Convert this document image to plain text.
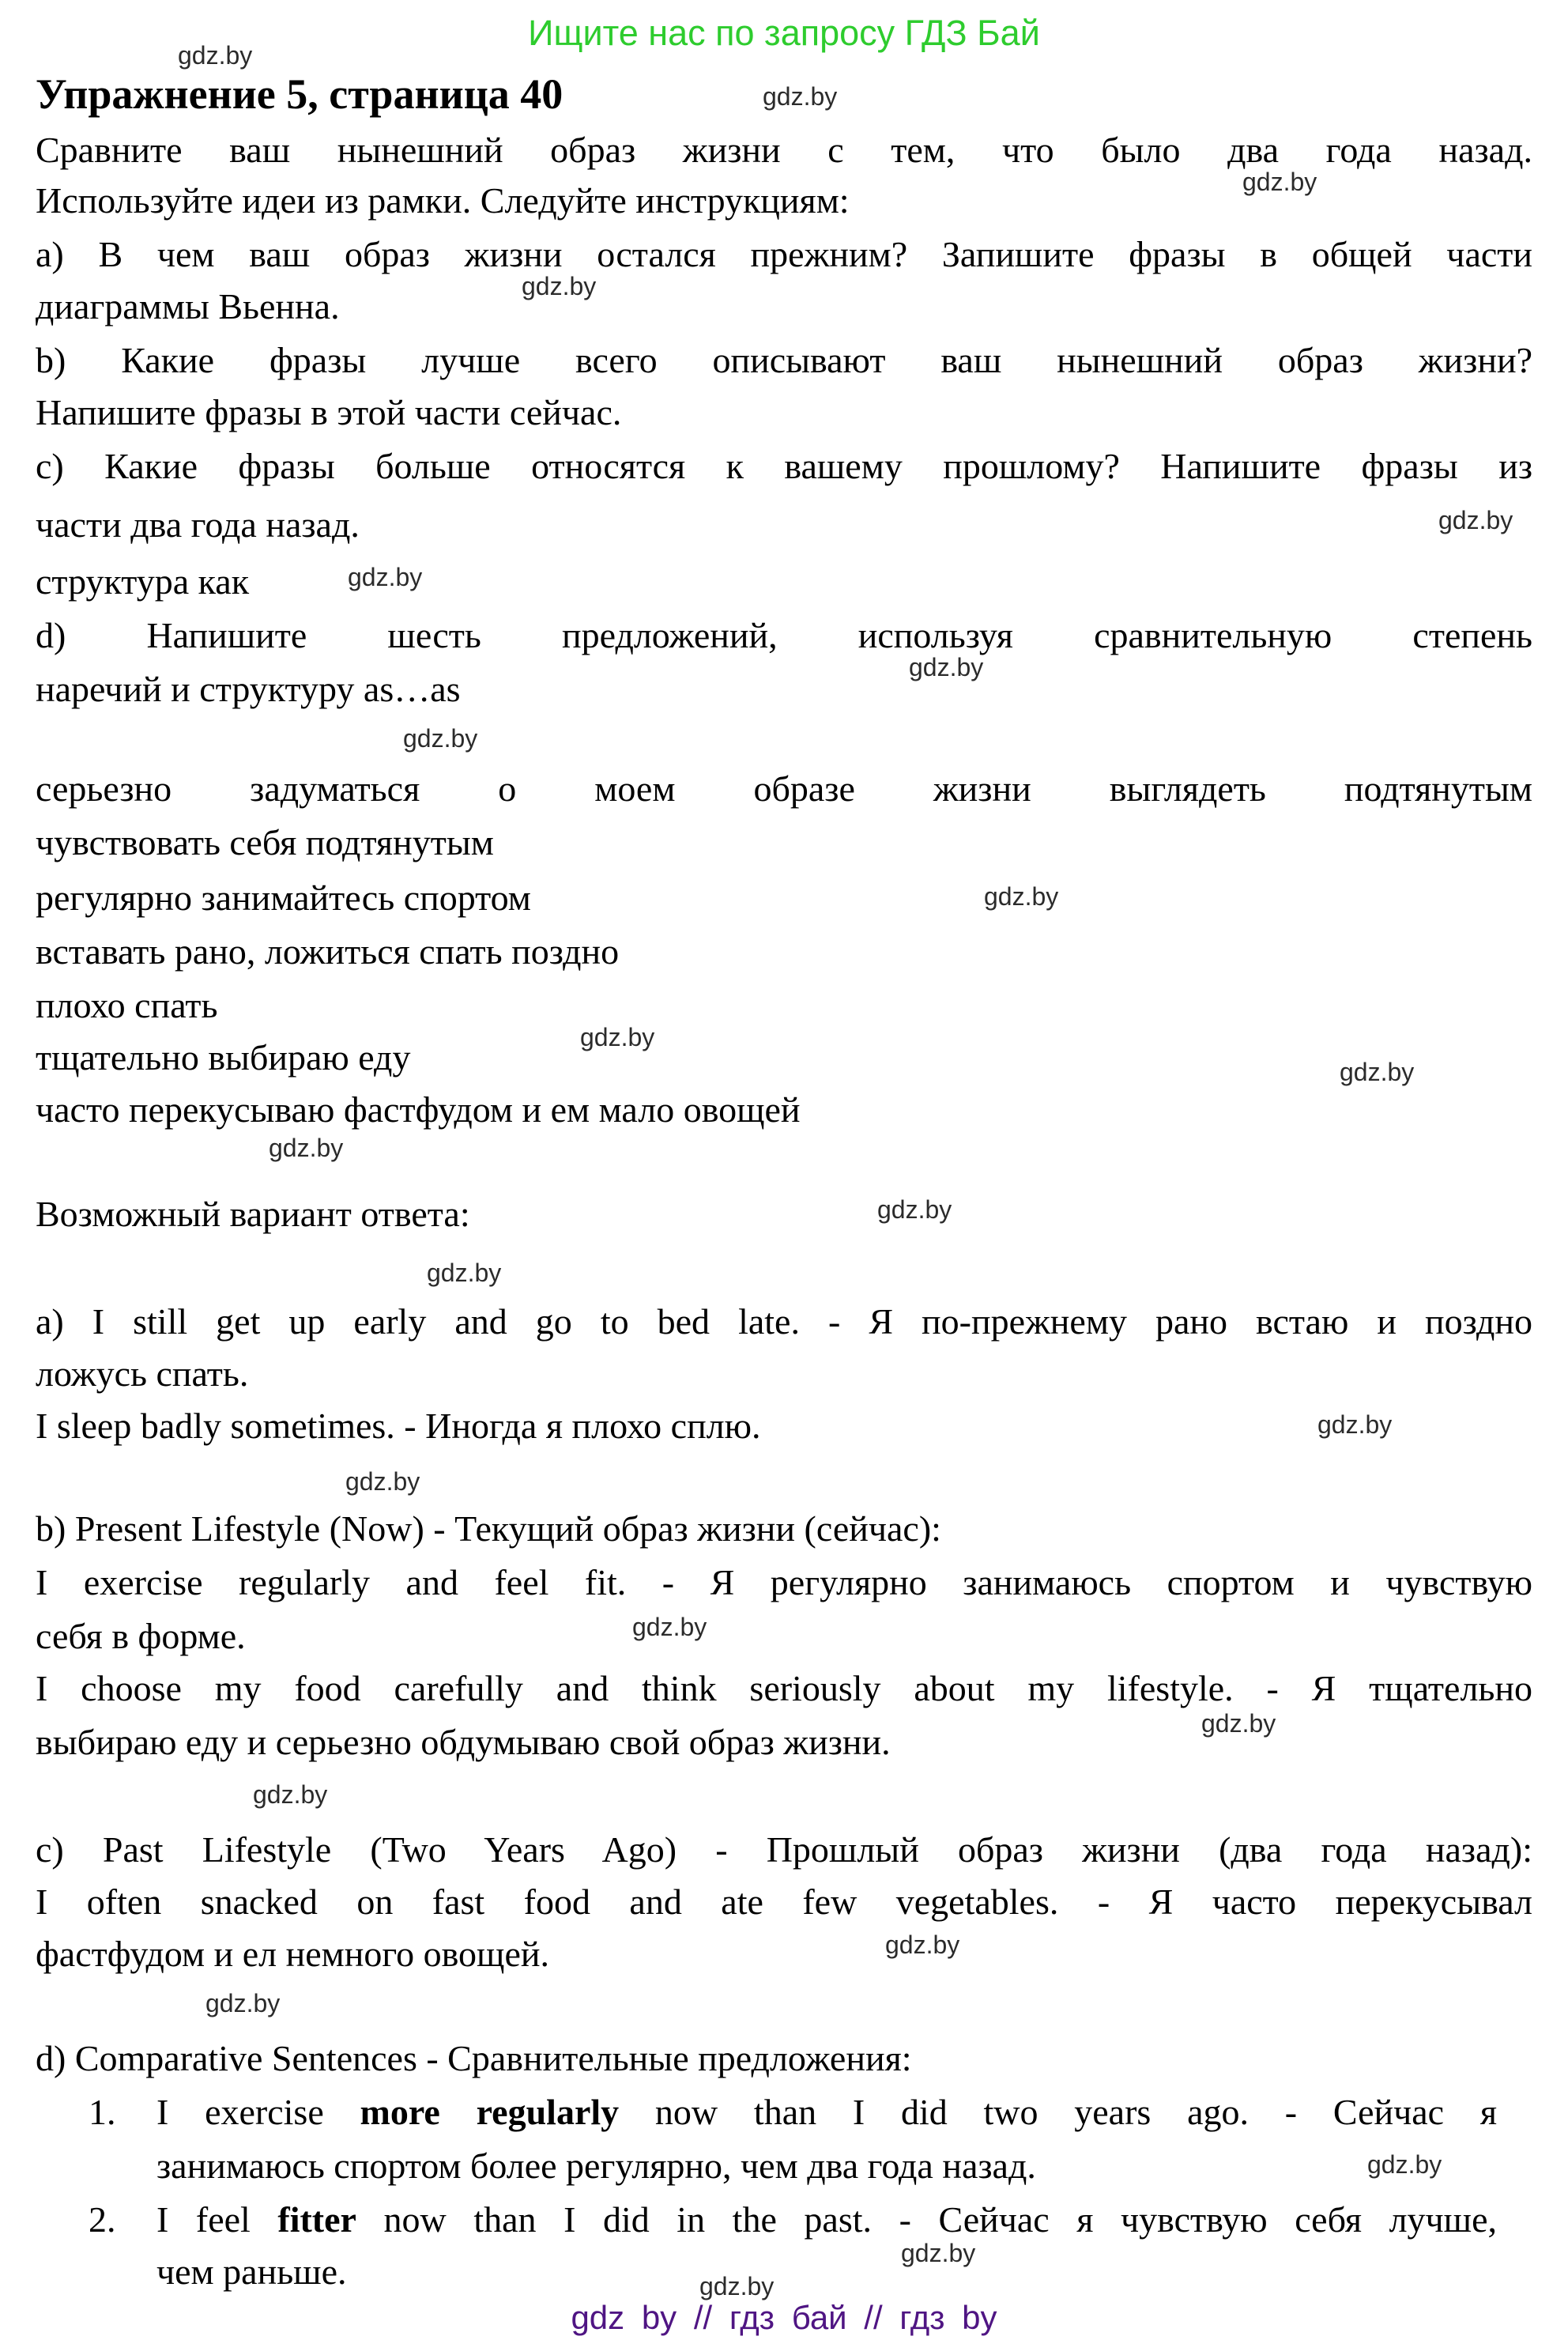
Ищите нас по запросу ГДЗ Бай
Упражнение 5, страница 40
Сравните ваш нынешний образ жизни с тем, что было два года назад.
Используйте идеи из рамки. Следуйте инструкциям:
a) В чем ваш образ жизни остался прежним? Запишите фразы в общей части
диаграммы Вьенна.
b) Какие фразы лучше всего описывают ваш нынешний образ жизни?
Напишите фразы в этой части сейчас.
c) Какие фразы больше относятся к вашему прошлому? Напишите фразы из
части два года назад.
структура как
d) Напишите шесть предложений, используя сравнительную степень
наречий и структуру as…as
серьезно задуматься о моем образе жизни выглядеть подтянутым
чувствовать себя подтянутым
регулярно занимайтесь спортом
вставать рано, ложиться спать поздно
плохо спать
тщательно выбираю еду
часто перекусываю фастфудом и ем мало овощей
Возможный вариант ответа:
a) I still get up early and go to bed late. - Я по-прежнему рано встаю и поздно
ложусь спать.
I sleep badly sometimes. - Иногда я плохо сплю.
b) Present Lifestyle (Now) - Текущий образ жизни (сейчас):
I exercise regularly and feel fit. - Я регулярно занимаюсь спортом и чувствую
себя в форме.
I choose my food carefully and think seriously about my lifestyle. - Я тщательно
выбираю еду и серьезно обдумываю свой образ жизни.
c) Past Lifestyle (Two Years Ago) - Прошлый образ жизни (два года назад):
I often snacked on fast food and ate few vegetables. - Я часто перекусывал
фастфудом и ел немного овощей.
d) Comparative Sentences - Сравнительные предложения:
1.	I exercise more regularly now than I did two years ago. - Сейчас я
занимаюсь спортом более регулярно, чем два года назад.
2.	I feel fitter now than I did in the past. - Сейчас я чувствую себя лучше,
чем раньше.
gdz by // гдз бай // гдз by
gdz.by
gdz.by
gdz.by
gdz.by
gdz.by
gdz.by
gdz.by
gdz.by
gdz.by
gdz.by
gdz.by
gdz.by
gdz.by
gdz.by
gdz.by
gdz.by
gdz.by
gdz.by
gdz.by
gdz.by
gdz.by
gdz.by
gdz.by
gdz.by
